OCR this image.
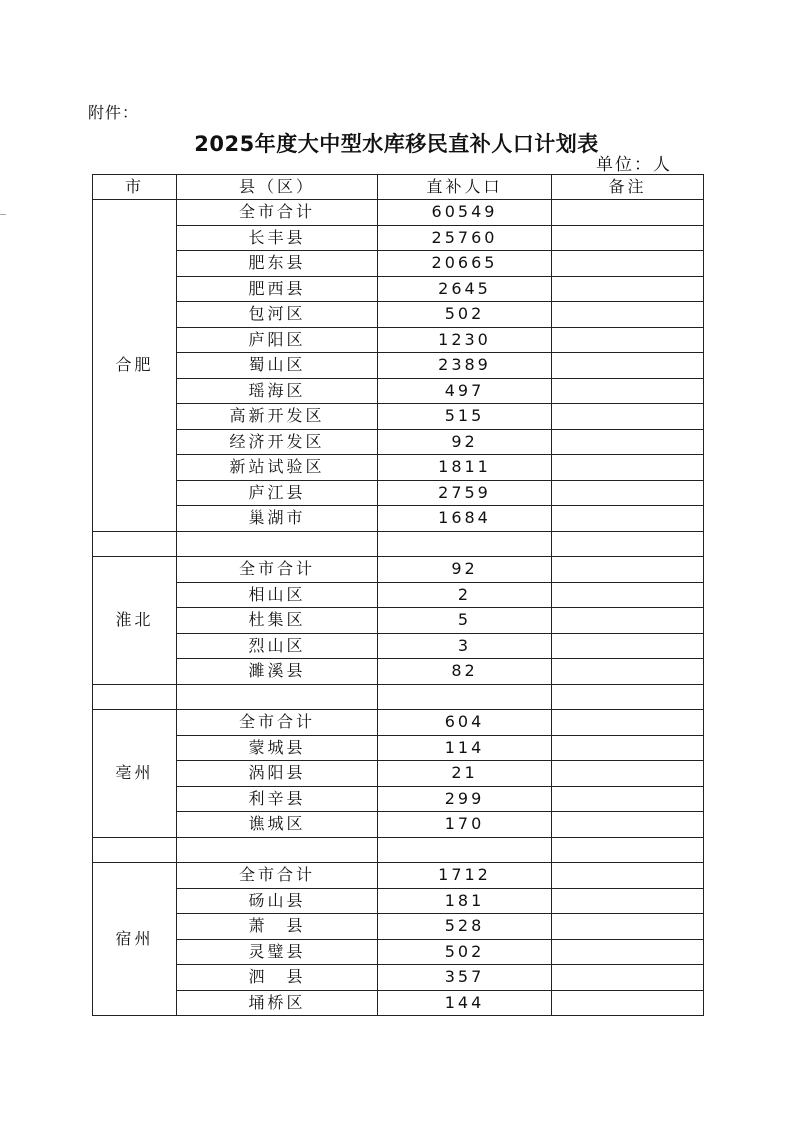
附件：
2025年度大中型水库移民直补人口计划表
单位：人
市	县（区）	直补人口	备注
合肥	全市合计	60549	
	长丰县	25760	
	肥东县	20665	
	肥西县	2645	
	包河区	502	
	庐阳区	1230	
	蜀山区	2389	
	瑶海区	497	
	高新开发区	515	
	经济开发区	92	
	新站试验区	1811	
	庐江县	2759	
	巢湖市	1684	

淮北	全市合计	92	
	相山区	2	
	杜集区	5	
	烈山区	3	
	濉溪县	82	

亳州	全市合计	604	
	蒙城县	114	
	涡阳县	21	
	利辛县	299	
	谯城区	170	

宿州	全市合计	1712	
	砀山县	181	
	萧　县	528	
	灵璧县	502	
	泗　县	357	
	埇桥区	144	
